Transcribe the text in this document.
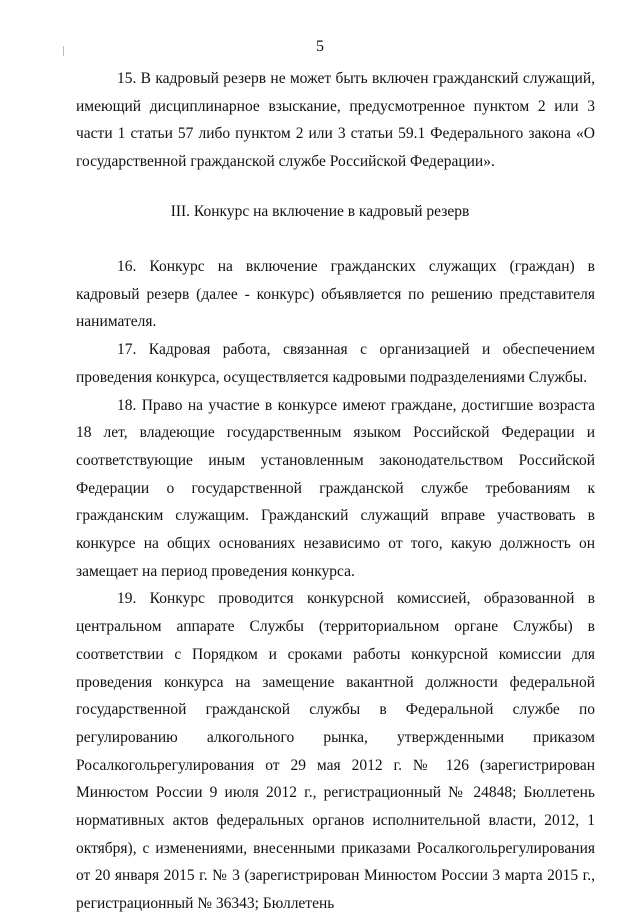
5

15. В кадровый резерв не может быть включен гражданский служащий, имеющий дисциплинарное взыскание, предусмотренное пунктом 2 или 3 части 1 статьи 57 либо пунктом 2 или 3 статьи 59.1 Федерального закона «О государственной гражданской службе Российской Федерации».

III. Конкурс на включение в кадровый резерв

16. Конкурс на включение гражданских служащих (граждан) в кадровый резерв (далее - конкурс) объявляется по решению представителя нанимателя.

17. Кадровая работа, связанная с организацией и обеспечением проведения конкурса, осуществляется кадровыми подразделениями Службы.

18. Право на участие в конкурсе имеют граждане, достигшие возраста 18 лет, владеющие государственным языком Российской Федерации и соответствующие иным установленным законодательством Российской Федерации о государственной гражданской службе требованиям к гражданским служащим. Гражданский служащий вправе участвовать в конкурсе на общих основаниях независимо от того, какую должность он замещает на период проведения конкурса.

19. Конкурс проводится конкурсной комиссией, образованной в центральном аппарате Службы (территориальном органе Службы) в соответствии с Порядком и сроками работы конкурсной комиссии для проведения конкурса на замещение вакантной должности федеральной государственной гражданской службы в Федеральной службе по регулированию алкогольного рынка, утвержденными приказом Росалкогольрегулирования от 29 мая 2012 г. № 126 (зарегистрирован Минюстом России 9 июля 2012 г., регистрационный № 24848; Бюллетень нормативных актов федеральных органов исполнительной власти, 2012, 1 октября), с изменениями, внесенными приказами Росалкогольрегулирования от 20 января 2015 г. № 3 (зарегистрирован Минюстом России 3 марта 2015 г., регистрационный № 36343; Бюллетень
